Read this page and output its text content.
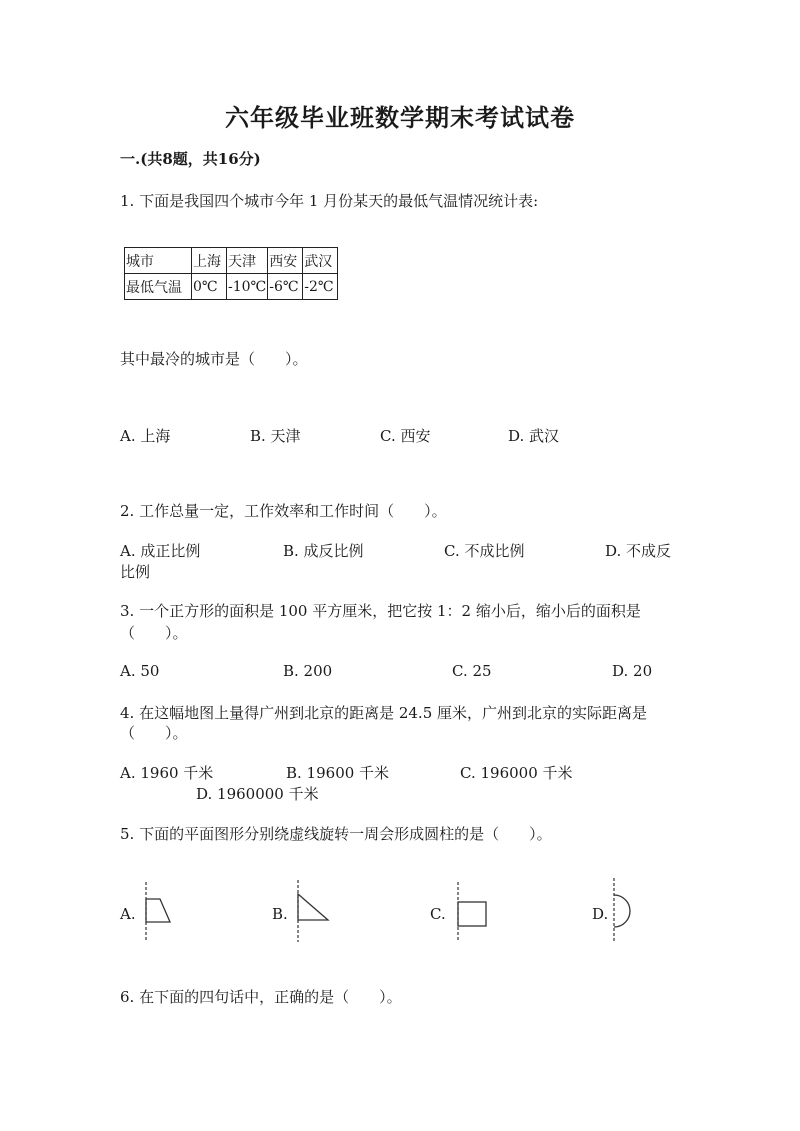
六年级毕业班数学期末考试试卷
一.(共8题，共16分)
1. 下面是我国四个城市今年 1 月份某天的最低气温情况统计表:
城市	上海	天津	西安	武汉
最低气温	0℃	-10℃	-6℃	-2℃
其中最冷的城市是（　　）。
A. 上海	B. 天津	C. 西安	D. 武汉
2. 工作总量一定，工作效率和工作时间（　　）。
A. 成正比例	B. 成反比例	C. 不成比例	D. 不成反
比例
3. 一个正方形的面积是 100 平方厘米，把它按 1：2 缩小后，缩小后的面积是
（　　）。
A. 50	B. 200	C. 25	D. 20
4. 在这幅地图上量得广州到北京的距离是 24.5 厘米，广州到北京的实际距离是
（　　）。
A. 1960 千米	B. 19600 千米	C. 196000 千米
D. 1960000 千米
5. 下面的平面图形分别绕虚线旋转一周会形成圆柱的是（　　）。
A.	B.	C.	D.
6. 在下面的四句话中，正确的是（　　）。
